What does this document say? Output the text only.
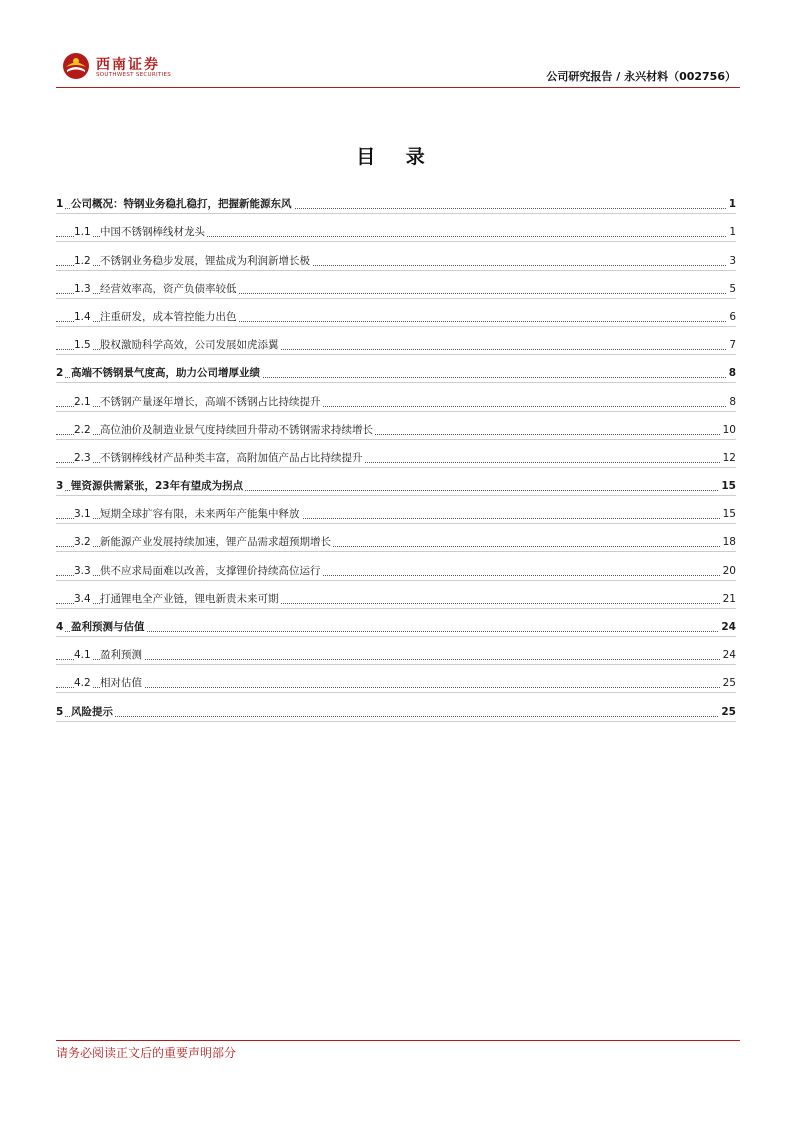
西南证券
SOUTHWEST SECURITIES	公司研究报告 / 永兴材料（002756）
目 录
1 公司概况：特钢业务稳扎稳打，把握新能源东风	1
1.1 中国不锈钢棒线材龙头	1
1.2 不锈钢业务稳步发展，锂盐成为利润新增长极	3
1.3 经营效率高，资产负债率较低	5
1.4 注重研发，成本管控能力出色	6
1.5 股权激励科学高效，公司发展如虎添翼	7
2 高端不锈钢景气度高，助力公司增厚业绩	8
2.1 不锈钢产量逐年增长，高端不锈钢占比持续提升	8
2.2 高位油价及制造业景气度持续回升带动不锈钢需求持续增长	10
2.3 不锈钢棒线材产品种类丰富，高附加值产品占比持续提升	12
3 锂资源供需紧张，23年有望成为拐点	15
3.1 短期全球扩容有限，未来两年产能集中释放	15
3.2 新能源产业发展持续加速，锂产品需求超预期增长	18
3.3 供不应求局面难以改善，支撑锂价持续高位运行	20
3.4 打通锂电全产业链，锂电新贵未来可期	21
4 盈利预测与估值	24
4.1 盈利预测	24
4.2 相对估值	25
5 风险提示	25
请务必阅读正文后的重要声明部分
